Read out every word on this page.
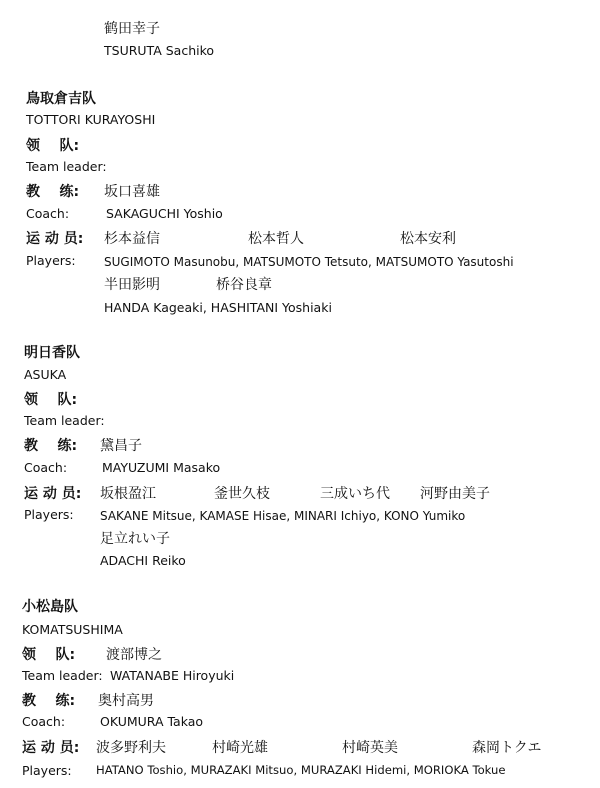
鹤田幸子
TSURUTA Sachiko
鳥取倉吉队
TOTTORI KURAYOSHI
领    队:
Team leader:
教    练: 坂口喜雄
Coach:	SAKAGUCHI Yoshio
运 动 员: 杉本益信	松本哲人	松本安利
Players: SUGIMOTO Masunobu, MATSUMOTO Tetsuto, MATSUMOTO Yasutoshi
半田影明	桥谷良章
HANDA Kageaki, HASHITANI Yoshiaki
明日香队
ASUKA
领    队:
Team leader:
教    练: 黛昌子
Coach:	MAYUZUMI Masako
运 动 员: 坂根盈江	釜世久枝	三成いち代 河野由美子
Players: SAKANE Mitsue, KAMASE Hisae, MINARI Ichiyo, KONO Yumiko
足立れい子
ADACHI Reiko
小松島队
KOMATSUSHIMA
领    队: 渡部博之
Team leader: WATANABE Hiroyuki
教    练: 奥村高男
Coach:	OKUMURA Takao
运 动 员: 波多野利夫	村崎光雄	村崎英美	森岡トクエ
Players: HATANO Toshio, MURAZAKI Mitsuo, MURAZAKI Hidemi, MORIOKA Tokue
